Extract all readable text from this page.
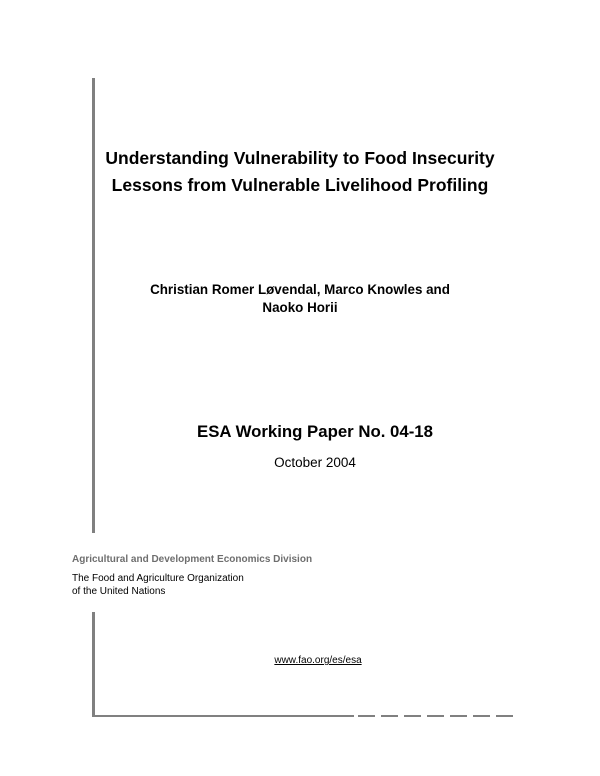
Understanding Vulnerability to Food Insecurity
Lessons from Vulnerable Livelihood Profiling
Christian Romer Løvendal, Marco Knowles and
Naoko Horii
ESA Working Paper No. 04-18
October 2004
Agricultural and Development Economics Division
The Food and Agriculture Organization
of the United Nations
www.fao.org/es/esa
